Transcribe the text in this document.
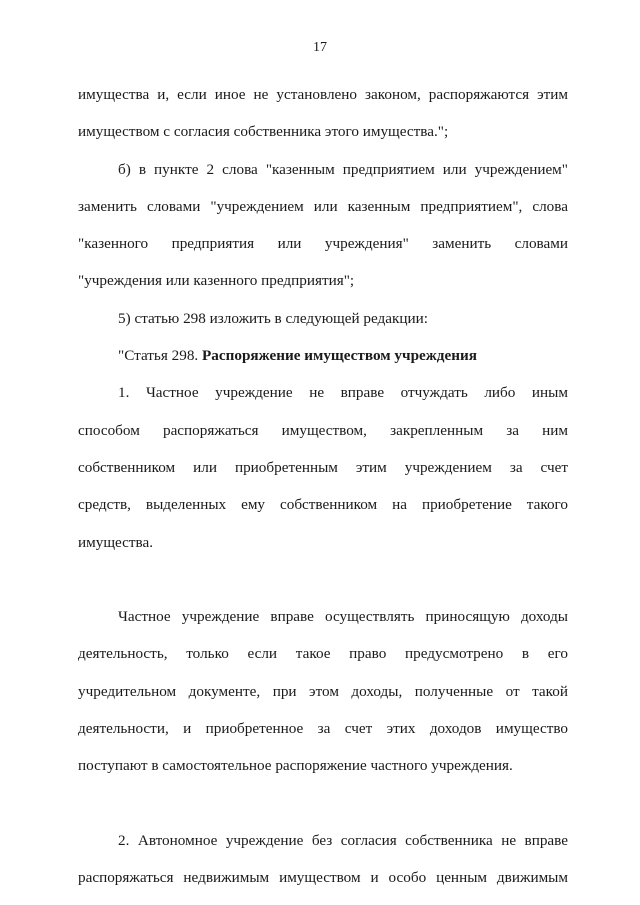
17
имущества и, если иное не установлено законом, распоряжаются этим
имуществом с согласия собственника этого имущества.";
б) в пункте 2 слова "казенным предприятием или учреждением"
заменить словами "учреждением или казенным предприятием", слова
"казенного предприятия или учреждения" заменить словами
"учреждения или казенного предприятия";
5) статью 298 изложить в следующей редакции:
"Статья 298. Распоряжение имуществом учреждения
1. Частное учреждение не вправе отчуждать либо иным
способом распоряжаться имуществом, закрепленным за ним
собственником или приобретенным этим учреждением за счет
средств, выделенных ему собственником на приобретение такого
имущества.
Частное учреждение вправе осуществлять приносящую доходы
деятельность, только если такое право предусмотрено в его
учредительном документе, при этом доходы, полученные от такой
деятельности, и приобретенное за счет этих доходов имущество
поступают в самостоятельное распоряжение частного учреждения.
2. Автономное учреждение без согласия собственника не вправе
распоряжаться недвижимым имуществом и особо ценным движимым
